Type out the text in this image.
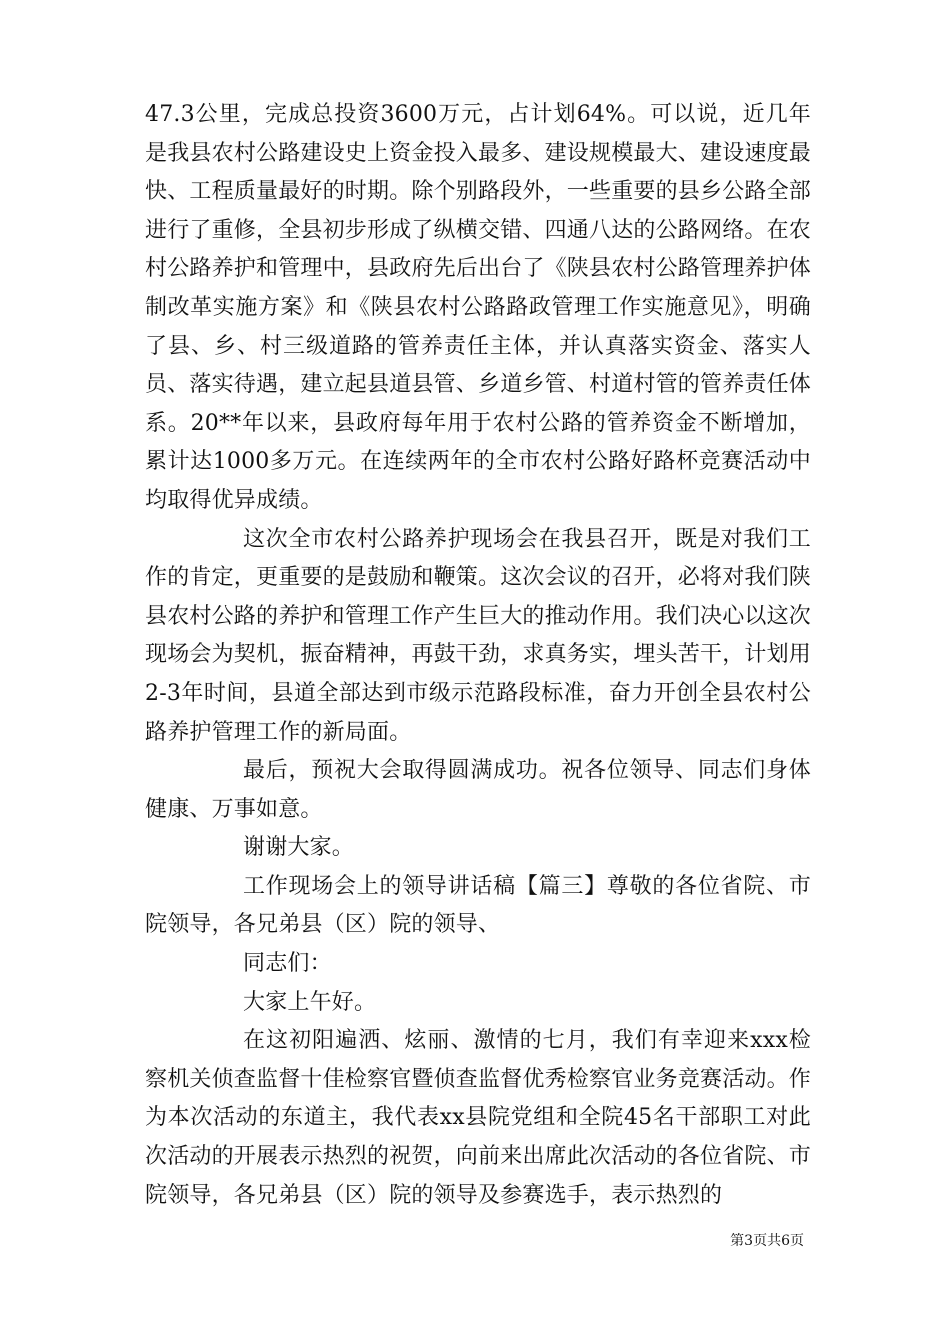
47.3公里，完成总投资3600万元，占计划64%。可以说，近几年是我县农村公路建设史上资金投入最多、建设规模最大、建设速度最快、工程质量最好的时期。除个别路段外，一些重要的县乡公路全部进行了重修，全县初步形成了纵横交错、四通八达的公路网络。在农村公路养护和管理中，县政府先后出台了《陕县农村公路管理养护体制改革实施方案》和《陕县农村公路路政管理工作实施意见》，明确了县、乡、村三级道路的管养责任主体，并认真落实资金、落实人员、落实待遇，建立起县道县管、乡道乡管、村道村管的管养责任体系。20**年以来，县政府每年用于农村公路的管养资金不断增加，累计达1000多万元。在连续两年的全市农村公路好路杯竞赛活动中均取得优异成绩。

这次全市农村公路养护现场会在我县召开，既是对我们工作的肯定，更重要的是鼓励和鞭策。这次会议的召开，必将对我们陕县农村公路的养护和管理工作产生巨大的推动作用。我们决心以这次现场会为契机，振奋精神，再鼓干劲，求真务实，埋头苦干，计划用2-3年时间，县道全部达到市级示范路段标准，奋力开创全县农村公路养护管理工作的新局面。

最后，预祝大会取得圆满成功。祝各位领导、同志们身体健康、万事如意。

谢谢大家。

工作现场会上的领导讲话稿【篇三】尊敬的各位省院、市院领导，各兄弟县（区）院的领导、

同志们：

大家上午好。

在这初阳遍洒、炫丽、激情的七月，我们有幸迎来xxx检察机关侦查监督十佳检察官暨侦查监督优秀检察官业务竞赛活动。作为本次活动的东道主，我代表xx县院党组和全院45名干部职工对此次活动的开展表示热烈的祝贺，向前来出席此次活动的各位省院、市院领导，各兄弟县（区）院的领导及参赛选手，表示热烈的

第3页共6页
